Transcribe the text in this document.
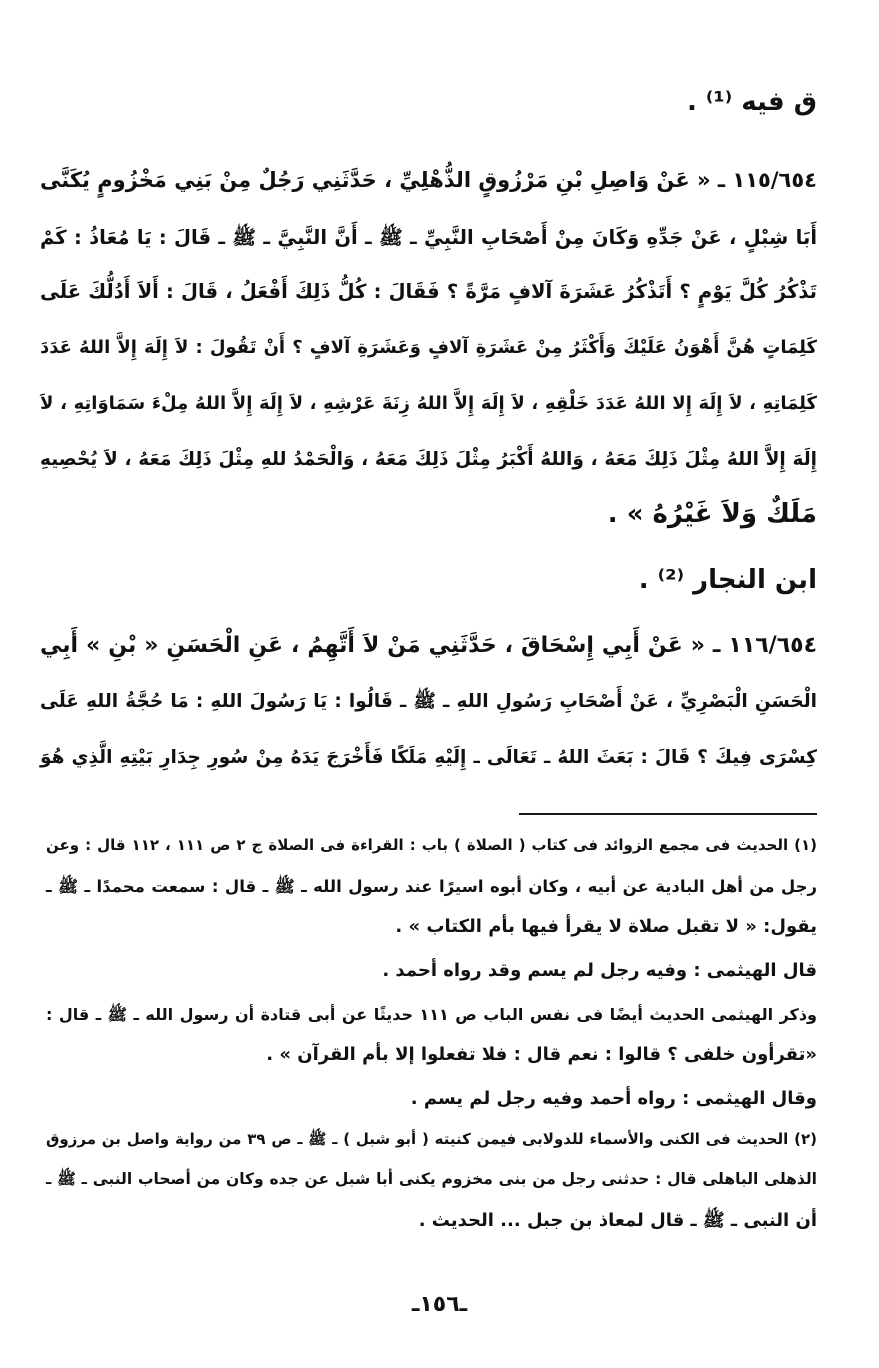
ق فيه ⁽¹⁾ .
١١٥/٦٥٤ ـ « عَنْ وَاصِلِ بْنِ مَرْزُوقٍ الذُّهْلِيِّ ، حَدَّثَنِي رَجُلٌ مِنْ بَنِي مَخْزُومٍ يُكَنَّى
أَبَا شِبْلٍ ، عَنْ جَدِّهِ وَكَانَ مِنْ أَصْحَابِ النَّبِيِّ ـ ﷺ ـ أَنَّ النَّبِيَّ ـ ﷺ ـ قَالَ : يَا مُعَاذُ : كَمْ
تَذْكُرُ كُلَّ يَوْمٍ ؟ أَتَذْكُرُ عَشَرَةَ آلافٍ مَرَّةً ؟ فَقَالَ : كُلُّ ذَلِكَ أَفْعَلُ ، قَالَ : أَلاَ أَدُلُّكَ عَلَى
كَلِمَاتٍ هُنَّ أَهْوَنُ عَلَيْكَ وَأَكْثَرُ مِنْ عَشَرَةِ آلافٍ وَعَشَرَةِ آلافٍ ؟ أَنْ تَقُولَ : لاَ إِلَهَ إِلاَّ اللهُ عَدَدَ
كَلِمَاتِهِ ، لاَ إِلَهَ إِلا اللهُ عَدَدَ خَلْقِهِ ، لاَ إِلَهَ إِلاَّ اللهُ زِنَةَ عَرْشِهِ ، لاَ إِلَهَ إِلاَّ اللهُ مِلْءَ سَمَاوَاتِهِ ، لاَ
إِلَهَ إِلاَّ اللهُ مِثْلَ ذَلِكَ مَعَهُ ، وَاللهُ أَكْبَرُ مِثْلَ ذَلِكَ مَعَهُ ، وَالْحَمْدُ للهِ مِثْلَ ذَلِكَ مَعَهُ ، لاَ يُحْصِيهِ
مَلَكٌ وَلاَ غَيْرُهُ » .
ابن النجار ⁽²⁾ .
١١٦/٦٥٤ ـ « عَنْ أَبِي إِسْحَاقَ ، حَدَّثَنِي مَنْ لاَ أَتَّهِمُ ، عَنِ الْحَسَنِ « بْنِ » أَبِي
الْحَسَنِ الْبَصْرِيِّ ، عَنْ أَصْحَابِ رَسُولِ اللهِ ـ ﷺ ـ قَالُوا : يَا رَسُولَ اللهِ : مَا حُجَّةُ اللهِ عَلَى
كِسْرَى فِيكَ ؟ قَالَ : بَعَثَ اللهُ ـ تَعَالَى ـ إِلَيْهِ مَلَكًا فَأَخْرَجَ يَدَهُ مِنْ سُورِ جِدَارِ بَيْتِهِ الَّذِي هُوَ
(١) الحديث فى مجمع الزوائد فى كتاب ( الصلاة ) باب : القراءة فى الصلاة ج ٢ ص ١١١ ، ١١٢ قال : وعن
رجل من أهل البادية عن أبيه ، وكان أبوه اسيرًا عند رسول الله ـ ﷺ ـ قال : سمعت محمدًا ـ ﷺ ـ
يقول: « لا تقبل صلاة لا يقرأ فيها بأم الكتاب » .
قال الهيثمى : وفيه رجل لم يسم وقد رواه أحمد .
وذكر الهيثمى الحديث أيضًا فى نفس الباب ص ١١١ حديثًا عن أبى قتادة أن رسول الله ـ ﷺ ـ قال :
«تقرأون خلفى ؟ قالوا : نعم قال : فلا تفعلوا إلا بأم القرآن » .
وقال الهيثمى : رواه أحمد وفيه رجل لم يسم .
(٢) الحديث فى الكنى والأسماء للدولابى فيمن كنيته ( أبو شبل ) ـ ﷺ ـ ص ٣٩ من رواية واصل بن مرزوق
الذهلى الباهلى قال : حدثنى رجل من بنى مخزوم يكنى أبا شبل عن جده وكان من أصحاب النبى ـ ﷺ ـ
أن النبى ـ ﷺ ـ قال لمعاذ بن جبل ... الحديث .
ـ١٥٦ـ
